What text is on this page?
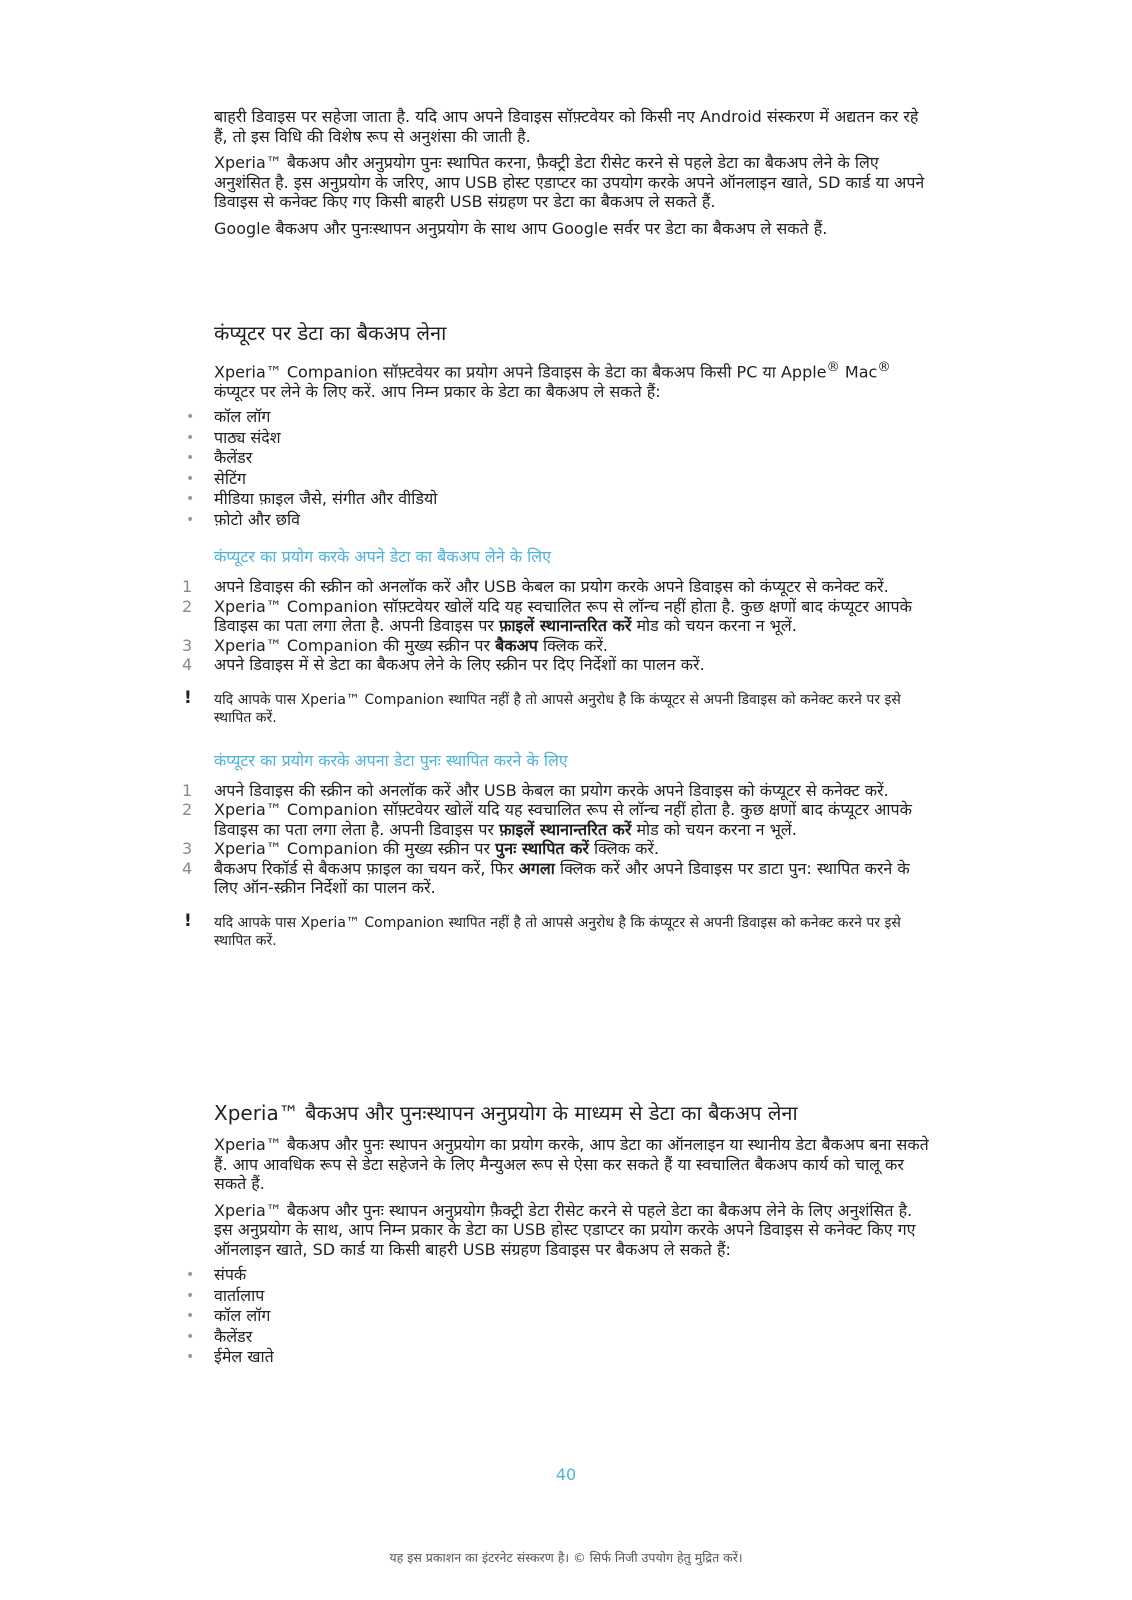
बाहरी डिवाइस पर सहेजा जाता है. यदि आप अपने डिवाइस सॉफ़्टवेयर को किसी नए Android संस्करण में अद्यतन कर रहे हैं, तो इस विधि की विशेष रूप से अनुशंसा की जाती है.

Xperia™ बैकअप और अनुप्रयोग पुनः स्थापित करना, फ़ैक्ट्री डेटा रीसेट करने से पहले डेटा का बैकअप लेने के लिए अनुशंसित है. इस अनुप्रयोग के जरिए, आप USB होस्ट एडाप्टर का उपयोग करके अपने ऑनलाइन खाते, SD कार्ड या अपने डिवाइस से कनेक्ट किए गए किसी बाहरी USB संग्रहण पर डेटा का बैकअप ले सकते हैं.

Google बैकअप और पुनःस्थापन अनुप्रयोग के साथ आप Google सर्वर पर डेटा का बैकअप ले सकते हैं.

कंप्यूटर पर डेटा का बैकअप लेना

Xperia™ Companion सॉफ़्टवेयर का प्रयोग अपने डिवाइस के डेटा का बैकअप किसी PC या Apple® Mac® कंप्यूटर पर लेने के लिए करें. आप निम्न प्रकार के डेटा का बैकअप ले सकते हैं:

• कॉल लॉग
• पाठ्य संदेश
• कैलेंडर
• सेटिंग
• मीडिया फ़ाइल जैसे, संगीत और वीडियो
• फ़ोटो और छवि
कंप्यूटर का प्रयोग करके अपने डेटा का बैकअप लेने के लिए
1 अपने डिवाइस की स्क्रीन को अनलॉक करें और USB केबल का प्रयोग करके अपने डिवाइस को कंप्यूटर से कनेक्ट करें.
2 Xperia™ Companion सॉफ़्टवेयर खोलें यदि यह स्वचालित रूप से लॉन्च नहीं होता है. कुछ क्षणों बाद कंप्यूटर आपके डिवाइस का पता लगा लेता है. अपनी डिवाइस पर फ़ाइलें स्थानान्तरित करें मोड को चयन करना न भूलें.
3 Xperia™ Companion की मुख्य स्क्रीन पर बैकअप क्लिक करें.
4 अपने डिवाइस में से डेटा का बैकअप लेने के लिए स्क्रीन पर दिए निर्देशों का पालन करें.
! यदि आपके पास Xperia™ Companion स्थापित नहीं है तो आपसे अनुरोध है कि कंप्यूटर से अपनी डिवाइस को कनेक्ट करने पर इसे स्थापित करें.
कंप्यूटर का प्रयोग करके अपना डेटा पुनः स्थापित करने के लिए
1 अपने डिवाइस की स्क्रीन को अनलॉक करें और USB केबल का प्रयोग करके अपने डिवाइस को कंप्यूटर से कनेक्ट करें.
2 Xperia™ Companion सॉफ़्टवेयर खोलें यदि यह स्वचालित रूप से लॉन्च नहीं होता है. कुछ क्षणों बाद कंप्यूटर आपके डिवाइस का पता लगा लेता है. अपनी डिवाइस पर फ़ाइलें स्थानान्तरित करें मोड को चयन करना न भूलें.
3 Xperia™ Companion की मुख्य स्क्रीन पर पुनः स्थापित करें क्लिक करें.
4 बैकअप रिकॉर्ड से बैकअप फ़ाइल का चयन करें, फिर अगला क्लिक करें और अपने डिवाइस पर डाटा पुन: स्थापित करने के लिए ऑन-स्क्रीन निर्देशों का पालन करें.
! यदि आपके पास Xperia™ Companion स्थापित नहीं है तो आपसे अनुरोध है कि कंप्यूटर से अपनी डिवाइस को कनेक्ट करने पर इसे स्थापित करें.
Xperia™ बैकअप और पुनःस्थापन अनुप्रयोग के माध्यम से डेटा का बैकअप लेना

Xperia™ बैकअप और पुनः स्थापन अनुप्रयोग का प्रयोग करके, आप डेटा का ऑनलाइन या स्थानीय डेटा बैकअप बना सकते हैं. आप आवधिक रूप से डेटा सहेजने के लिए मैन्युअल रूप से ऐसा कर सकते हैं या स्वचालित बैकअप कार्य को चालू कर सकते हैं.

Xperia™ बैकअप और पुनः स्थापन अनुप्रयोग फ़ैक्ट्री डेटा रीसेट करने से पहले डेटा का बैकअप लेने के लिए अनुशंसित है. इस अनुप्रयोग के साथ, आप निम्न प्रकार के डेटा का USB होस्ट एडाप्टर का प्रयोग करके अपने डिवाइस से कनेक्ट किए गए ऑनलाइन खाते, SD कार्ड या किसी बाहरी USB संग्रहण डिवाइस पर बैकअप ले सकते हैं:

• संपर्क
• वार्तालाप
• कॉल लॉग
• कैलेंडर
• ईमेल खाते
40
यह इस प्रकाशन का इंटरनेट संस्करण है। © सिर्फ निजी उपयोग हेतु मुद्रित करें।
